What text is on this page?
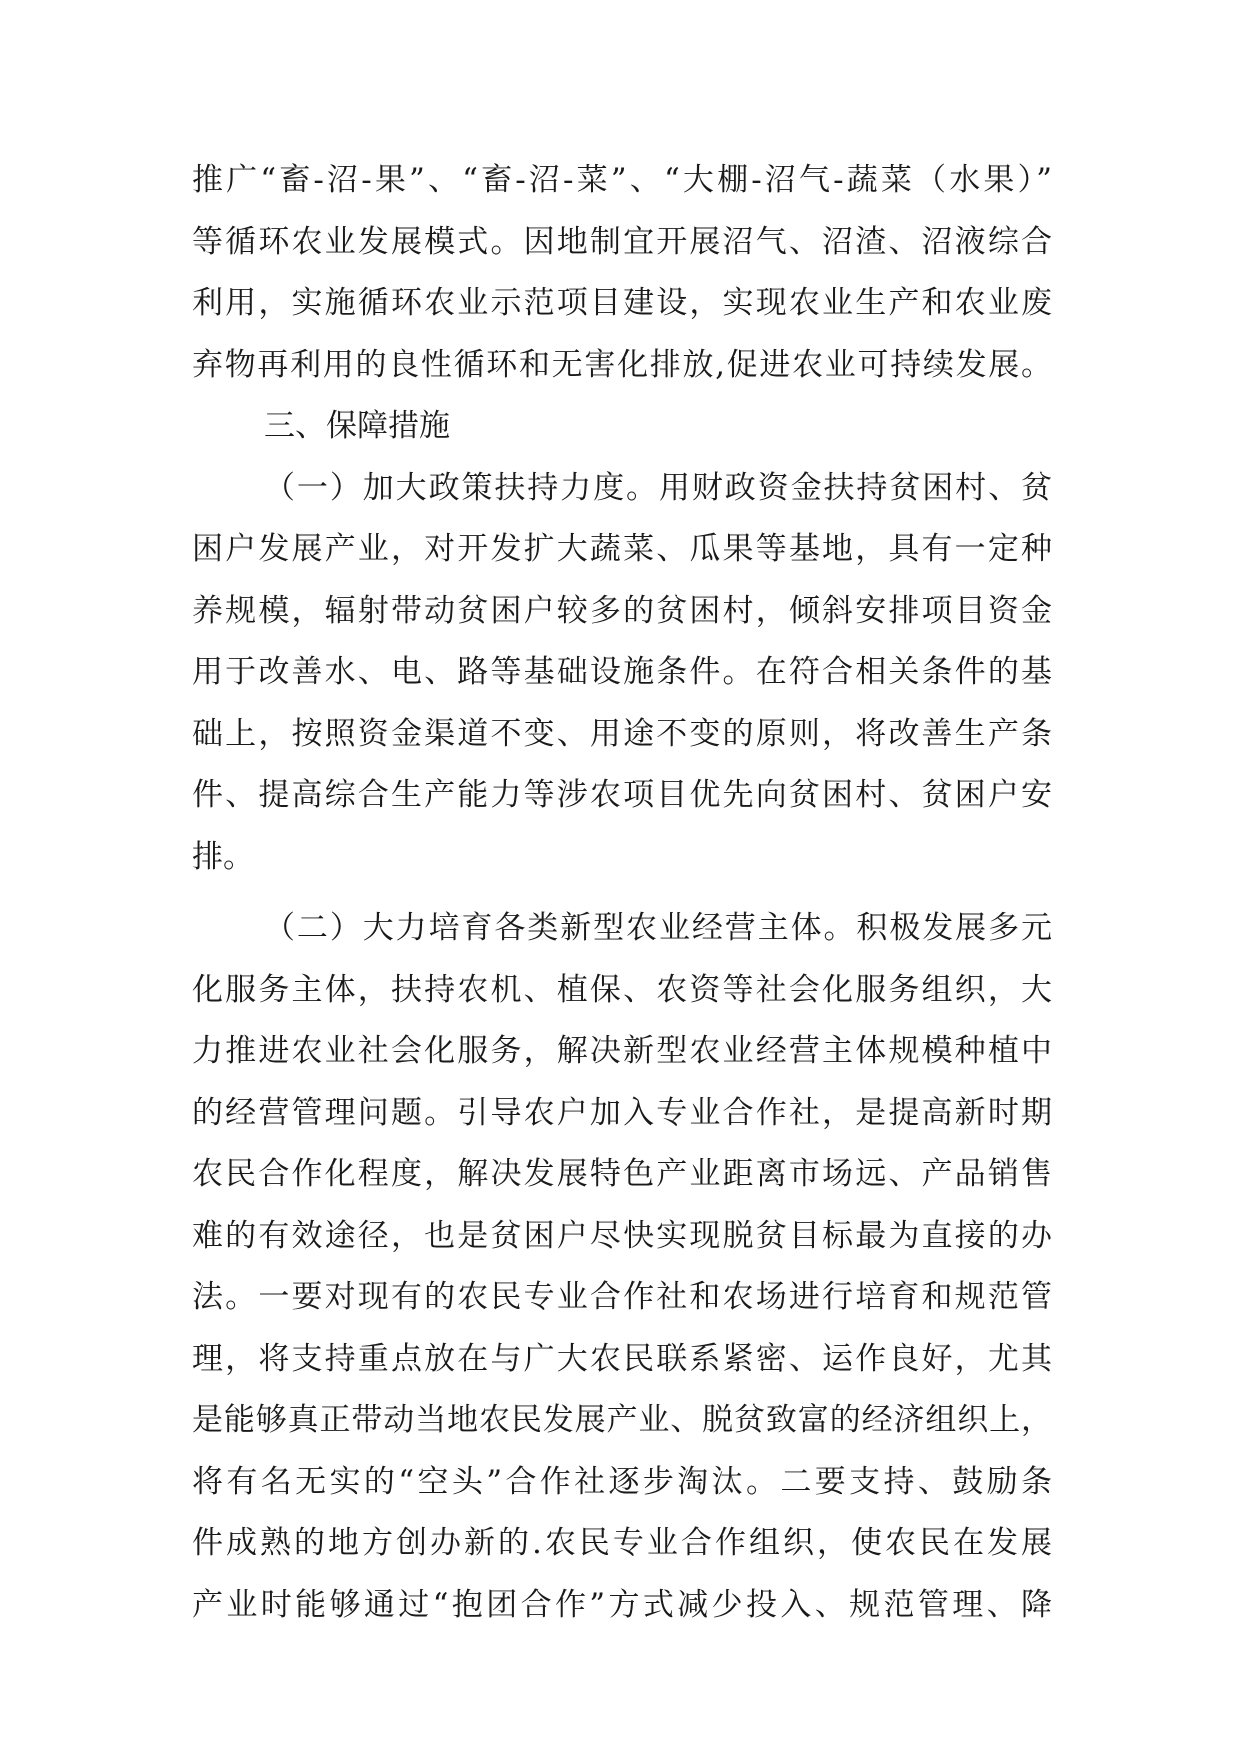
推广“畜-沼-果”、“畜-沼-菜”、“大棚-沼气-蔬菜（水果）”
等循环农业发展模式。因地制宜开展沼气、沼渣、沼液综合
利用，实施循环农业示范项目建设，实现农业生产和农业废
弃物再利用的良性循环和无害化排放,促进农业可持续发展。
三、保障措施
（一）加大政策扶持力度。用财政资金扶持贫困村、贫
困户发展产业，对开发扩大蔬菜、瓜果等基地，具有一定种
养规模，辐射带动贫困户较多的贫困村，倾斜安排项目资金
用于改善水、电、路等基础设施条件。在符合相关条件的基
础上，按照资金渠道不变、用途不变的原则，将改善生产条
件、提高综合生产能力等涉农项目优先向贫困村、贫困户安
排。
（二）大力培育各类新型农业经营主体。积极发展多元
化服务主体，扶持农机、植保、农资等社会化服务组织，大
力推进农业社会化服务，解决新型农业经营主体规模种植中
的经营管理问题。引导农户加入专业合作社，是提高新时期
农民合作化程度，解决发展特色产业距离市场远、产品销售
难的有效途径，也是贫困户尽快实现脱贫目标最为直接的办
法。一要对现有的农民专业合作社和农场进行培育和规范管
理，将支持重点放在与广大农民联系紧密、运作良好，尤其
是能够真正带动当地农民发展产业、脱贫致富的经济组织上，
将有名无实的“空头”合作社逐步淘汰。二要支持、鼓励条
件成熟的地方创办新的.农民专业合作组织，使农民在发展
产业时能够通过“抱团合作”方式减少投入、规范管理、降
